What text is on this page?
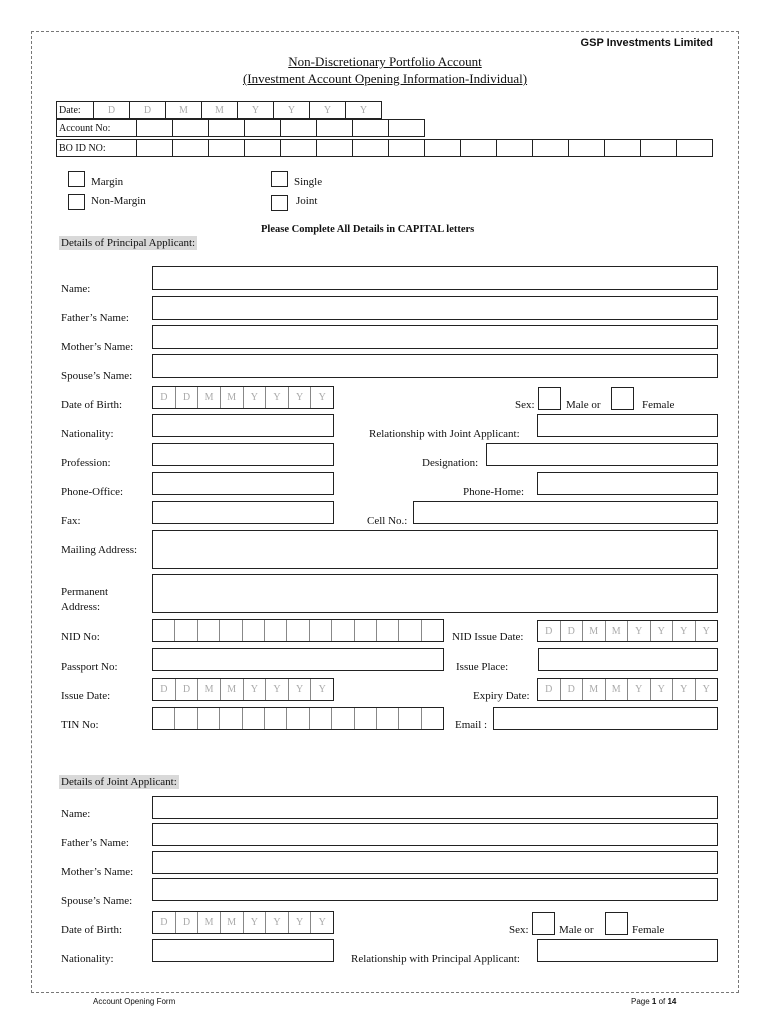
GSP Investments Limited
Non-Discretionary Portfolio Account
(Investment Account Opening Information-Individual)
Date:	D	D	M	M	Y	Y	Y	Y
Account No:								
BO ID NO:																
Margin
Non-Margin
Single
Joint
Please Complete All Details in CAPITAL letters
Details of Principal Applicant:
Name:
Father’s Name:
Mother’s Name:
Spouse’s Name:
Date of Birth:
D	D	M	M	Y	Y	Y	Y
Sex:	Male or	Female
Nationality:	Relationship with Joint Applicant:
Profession:	Designation:
Phone-Office:	Phone-Home:
Fax:	Cell No.:
Mailing Address:
Permanent
Address:
NID No:	NID Issue Date:	D	D	M	M	Y	Y	Y	Y
Passport No:	Issue Place:
Issue Date:
D	D	M	M	Y	Y	Y	Y
Expiry Date:
D	D	M	M	Y	Y	Y	Y
TIN No:	Email :
Details of Joint Applicant:
Name:
Father’s Name:
Mother’s Name:
Spouse’s Name:
Date of Birth:
D	D	M	M	Y	Y	Y	Y
Sex:	Male or	Female
Nationality:	Relationship with Principal Applicant:
Account Opening Form	Page 1 of 14
